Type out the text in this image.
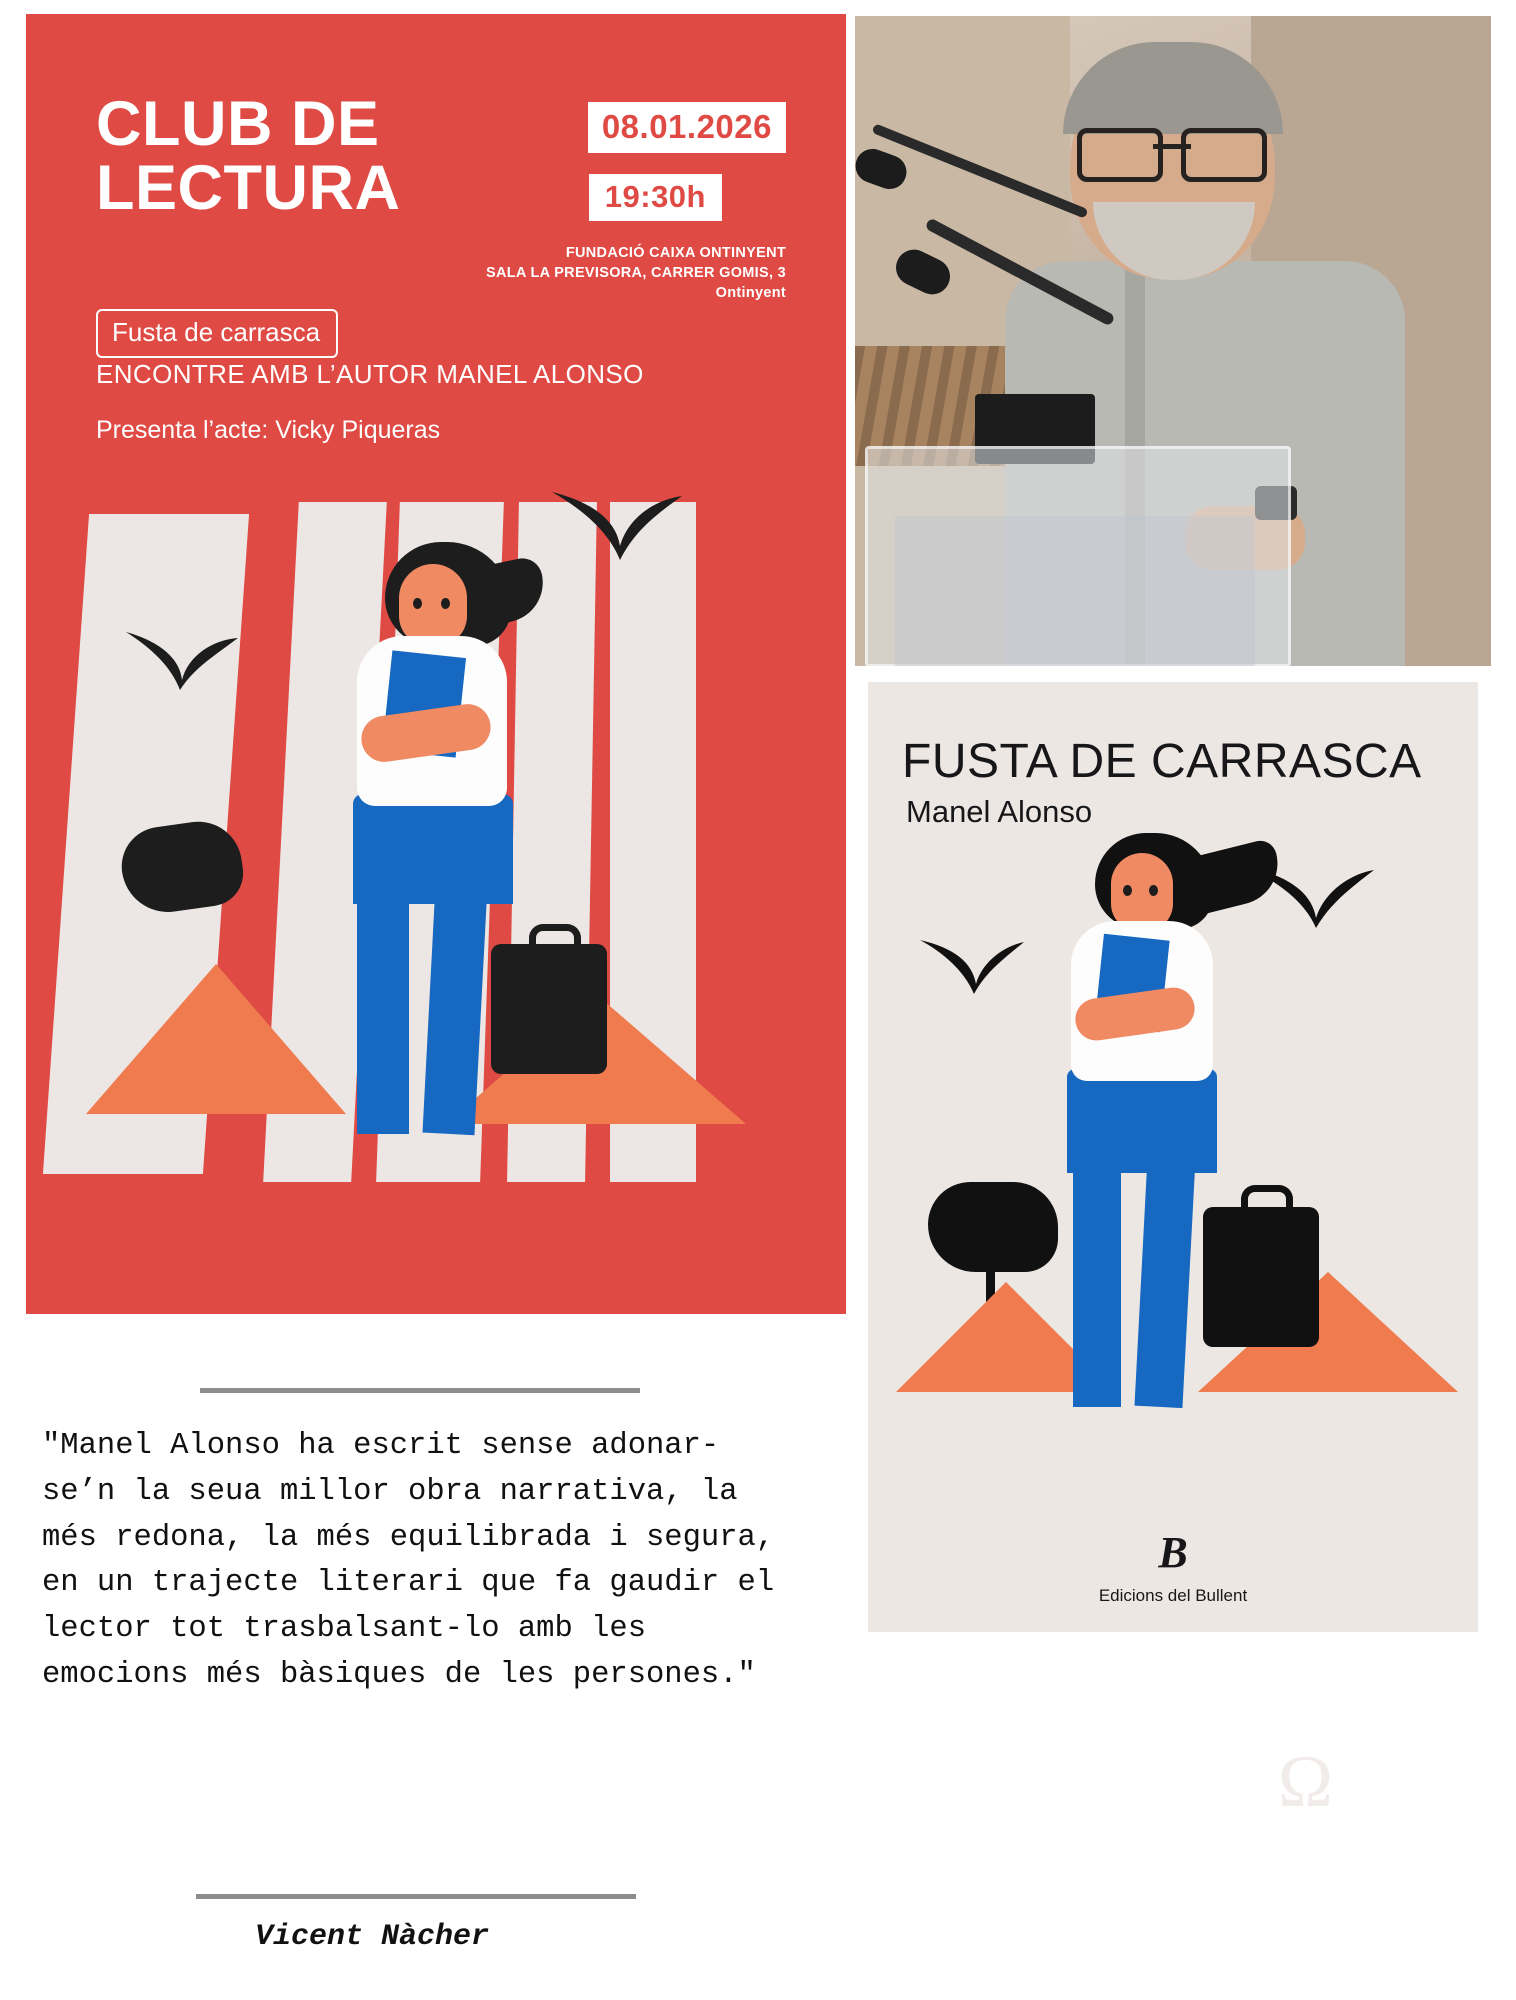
CLUB DE
LECTURA
08.01.2026
19:30h
FUNDACIÓ CAIXA ONTINYENT
SALA LA PREVISORA, CARRER GOMIS, 3
Ontinyent
Fusta de carrasca
ENCONTRE AMB L’AUTOR MANEL ALONSO
Presenta l’acte: Vicky Piqueras
FUSTA DE CARRASCA
Manel Alonso
B
Edicions del Bullent
"Manel Alonso ha escrit sense adonar-se’n la seua millor obra narrativa, la més redona, la més equilibrada i segura, en un trajecte literari que fa gaudir el lector tot trasbalsant-lo amb les emocions més bàsiques de les persones."
Vicent Nàcher
Ω
